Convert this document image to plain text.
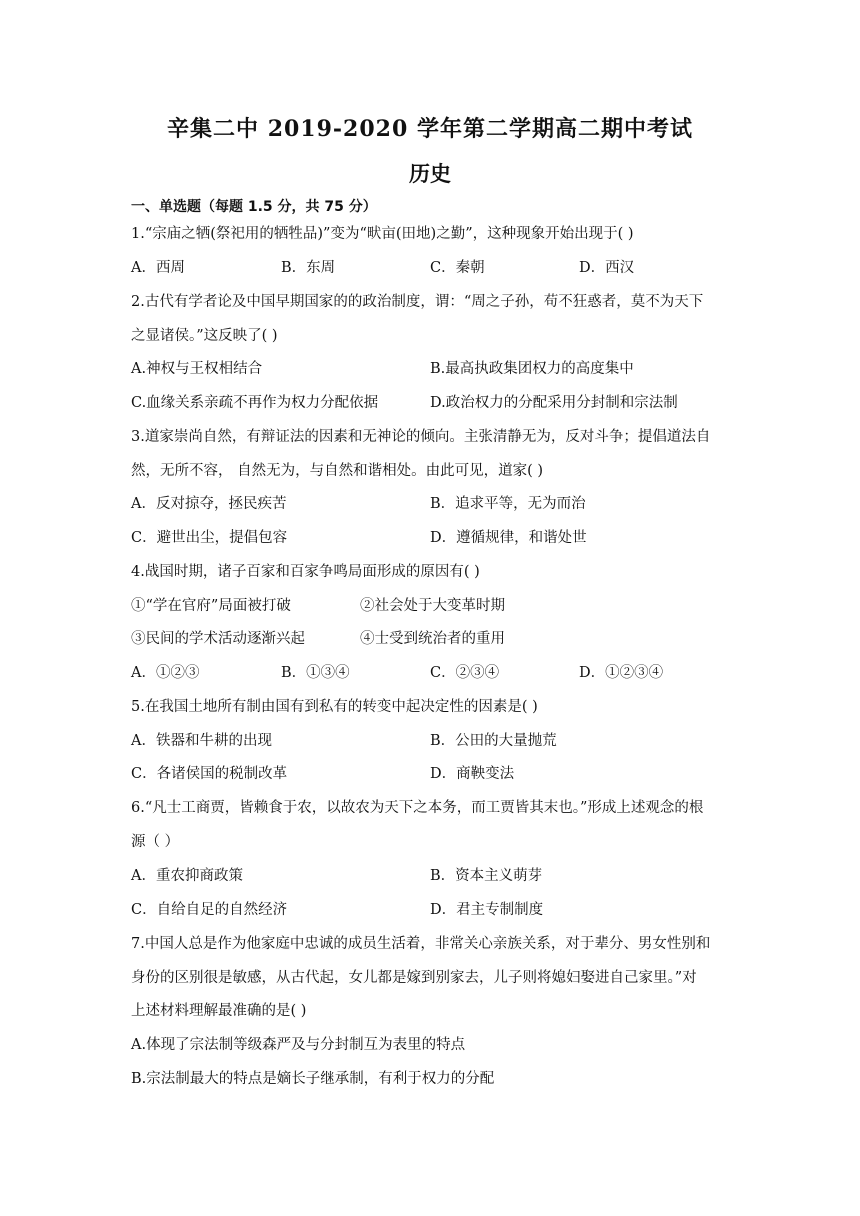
辛集二中 2019-2020 学年第二学期高二期中考试
历史
一、单选题（每题 1.5 分，共 75 分）
1.“宗庙之牺(祭祀用的牺牲品)”变为“畎亩(田地)之勤”，这种现象开始出现于( )
A．西周	B．东周	C．秦朝	D．西汉
2.古代有学者论及中国早期国家的的政治制度，谓：“周之子孙，苟不狂惑者，莫不为天下
之显诸侯。”这反映了( )
A.神权与王权相结合	B.最高执政集团权力的高度集中
C.血缘关系亲疏不再作为权力分配依据	D.政治权力的分配采用分封制和宗法制
3.道家崇尚自然，有辩证法的因素和无神论的倾向。主张清静无为，反对斗争；提倡道法自
然，无所不容， 自然无为，与自然和谐相处。由此可见，道家( )
A．反对掠夺，拯民疾苦	B．追求平等，无为而治
C．避世出尘，提倡包容	D．遵循规律，和谐处世
4.战国时期，诸子百家和百家争鸣局面形成的原因有( )
①“学在官府”局面被打破	②社会处于大变革时期
③民间的学术活动逐渐兴起	④士受到统治者的重用
A．①②③	B．①③④	C．②③④	D．①②③④
5.在我国土地所有制由国有到私有的转变中起决定性的因素是( )
A．铁器和牛耕的出现	B．公田的大量抛荒
C．各诸侯国的税制改革	D．商鞅变法
6.“凡士工商贾，皆赖食于农，以故农为天下之本务，而工贾皆其末也。”形成上述观念的根
源（ ）
A．重农抑商政策	B．资本主义萌芽
C．自给自足的自然经济	D．君主专制制度
7.中国人总是作为他家庭中忠诚的成员生活着，非常关心亲族关系，对于辈分、男女性别和
身份的区别很是敏感，从古代起，女儿都是嫁到别家去，儿子则将媳妇娶进自己家里。”对
上述材料理解最准确的是( )
A.体现了宗法制等级森严及与分封制互为表里的特点
B.宗法制最大的特点是嫡长子继承制，有利于权力的分配
